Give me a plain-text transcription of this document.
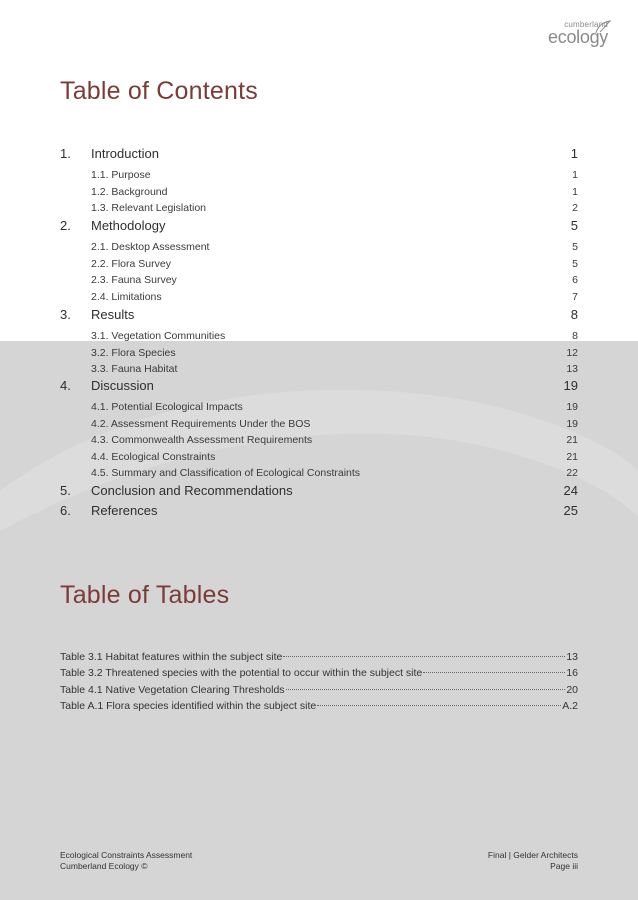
cumberland
ecology
Table of Contents
1. Introduction	1
1.1. Purpose	1
1.2. Background	1
1.3. Relevant Legislation	2
2. Methodology	5
2.1. Desktop Assessment	5
2.2. Flora Survey	5
2.3. Fauna Survey	6
2.4. Limitations	7
3. Results	8
3.1. Vegetation Communities	8
3.2. Flora Species	12
3.3. Fauna Habitat	13
4. Discussion	19
4.1. Potential Ecological Impacts	19
4.2. Assessment Requirements Under the BOS	19
4.3. Commonwealth Assessment Requirements	21
4.4. Ecological Constraints	21
4.5. Summary and Classification of Ecological Constraints	22
5. Conclusion and Recommendations	24
6. References	25
Table of Tables
Table 3.1 Habitat features within the subject site	13
Table 3.2 Threatened species with the potential to occur within the subject site	16
Table 4.1 Native Vegetation Clearing Thresholds	20
Table A.1 Flora species identified within the subject site	A.2
Ecological Constraints Assessment
Cumberland Ecology ©
Final | Gelder Architects
Page iii
